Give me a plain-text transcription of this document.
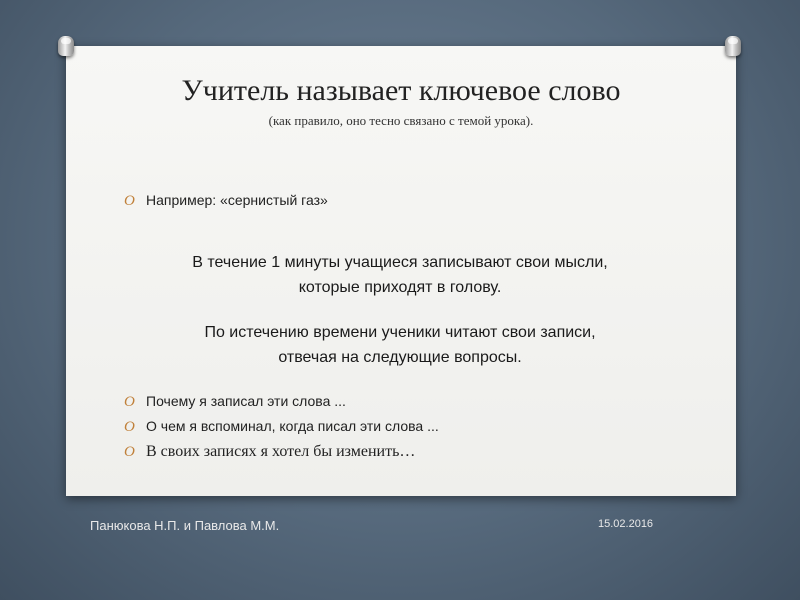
Учитель называет ключевое слово

(как правило, оно тесно связано с темой урока).

O Например: «сернистый газ»

В течение 1 минуты учащиеся записывают свои мысли,
которые приходят в голову.

По истечению времени ученики читают свои записи,
отвечая на следующие вопросы.

O Почему я записал эти слова ...
O О чем я вспоминал, когда писал эти слова ...
O В своих записях я хотел бы изменить…
Панюкова Н.П. и Павлова М.М.	15.02.2016
